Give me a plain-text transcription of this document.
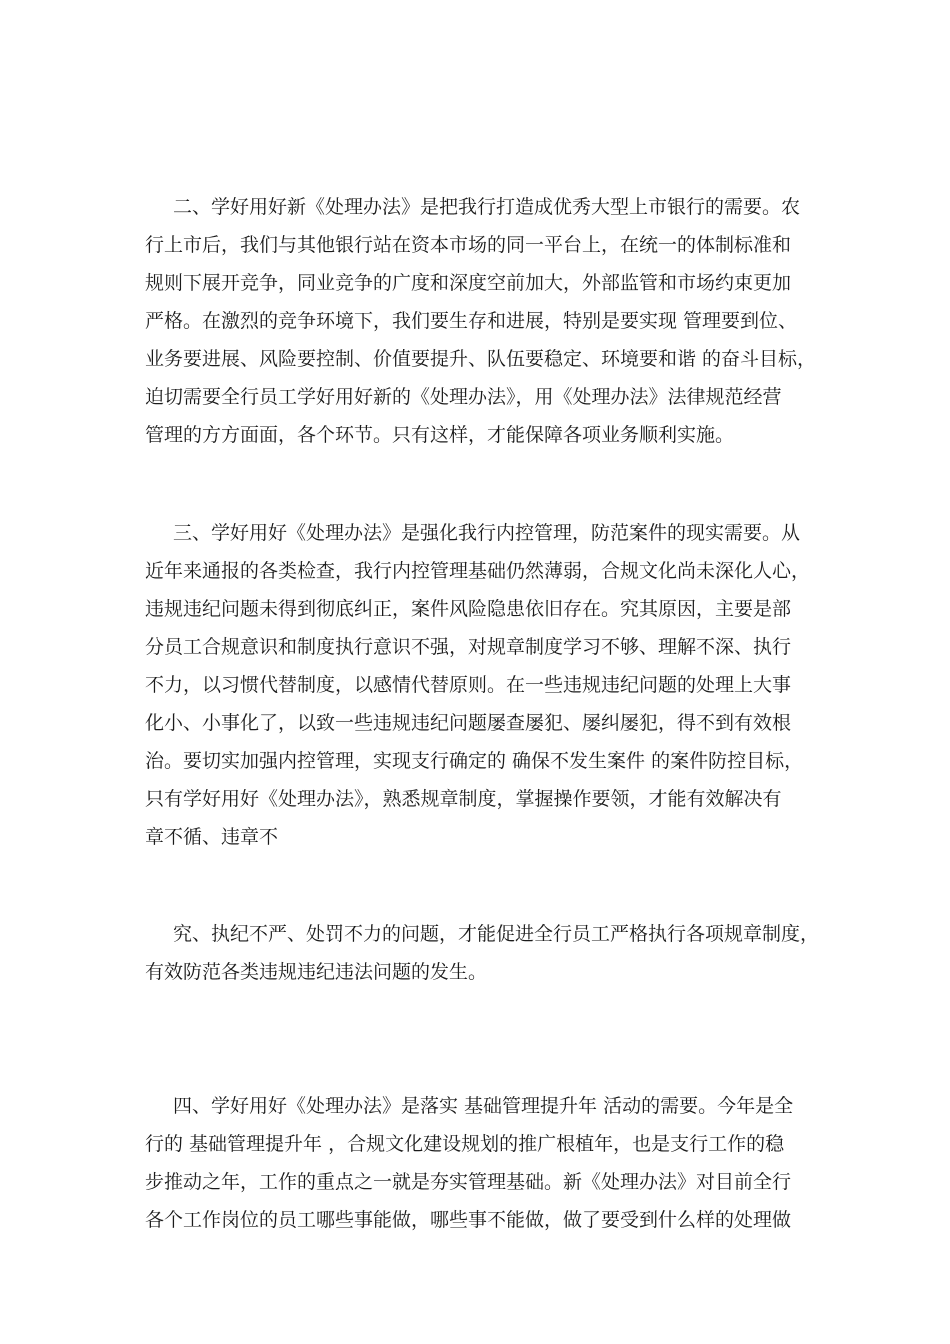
二、学好用好新《处理办法》是把我行打造成优秀大型上市银行的需要。农
行上市后，我们与其他银行站在资本市场的同一平台上，在统一的体制标准和
规则下展开竞争，同业竞争的广度和深度空前加大，外部监管和市场约束更加
严格。在激烈的竞争环境下，我们要生存和进展，特别是要实现 管理要到位、
业务要进展、风险要控制、价值要提升、队伍要稳定、环境要和谐 的奋斗目标，
迫切需要全行员工学好用好新的《处理办法》，用《处理办法》法律规范经营
管理的方方面面，各个环节。只有这样，才能保障各项业务顺利实施。
三、学好用好《处理办法》是强化我行内控管理，防范案件的现实需要。从
近年来通报的各类检查，我行内控管理基础仍然薄弱，合规文化尚未深化人心，
违规违纪问题未得到彻底纠正，案件风险隐患依旧存在。究其原因，主要是部
分员工合规意识和制度执行意识不强，对规章制度学习不够、理解不深、执行
不力，以习惯代替制度，以感情代替原则。在一些违规违纪问题的处理上大事
化小、小事化了，以致一些违规违纪问题屡查屡犯、屡纠屡犯，得不到有效根
治。要切实加强内控管理，实现支行确定的 确保不发生案件 的案件防控目标，
只有学好用好《处理办法》，熟悉规章制度，掌握操作要领，才能有效解决有
章不循、违章不
究、执纪不严、处罚不力的问题，才能促进全行员工严格执行各项规章制度，
有效防范各类违规违纪违法问题的发生。
四、学好用好《处理办法》是落实 基础管理提升年 活动的需要。今年是全
行的 基础管理提升年 ，合规文化建设规划的推广根植年，也是支行工作的稳
步推动之年，工作的重点之一就是夯实管理基础。新《处理办法》对目前全行
各个工作岗位的员工哪些事能做，哪些事不能做，做了要受到什么样的处理做
